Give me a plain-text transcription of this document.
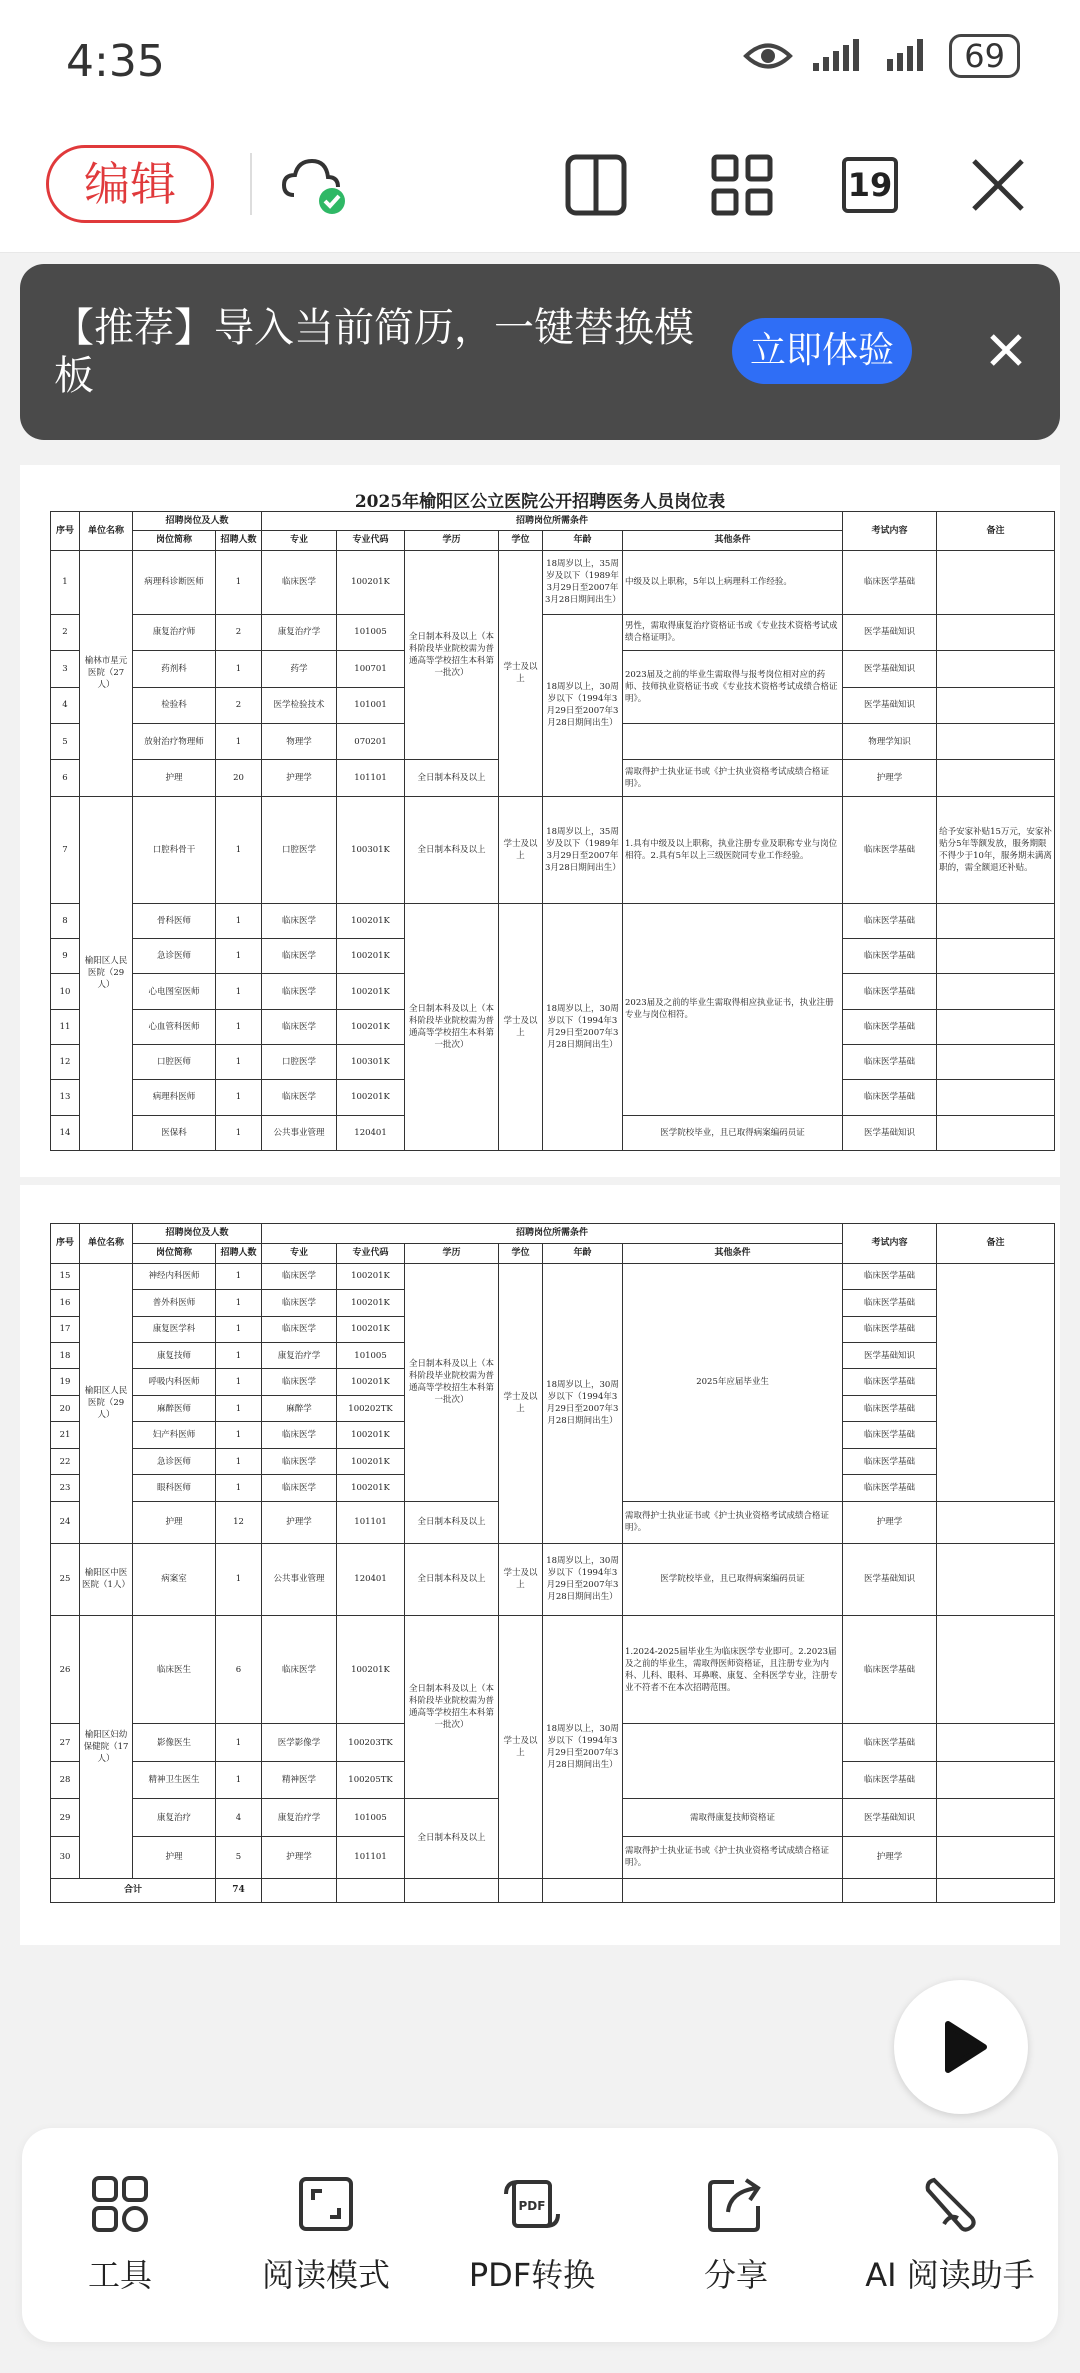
4:35	69
编辑	19
【推荐】导入当前简历，一键替换模板
立即体验
2025年榆阳区公立医院公开招聘医务人员岗位表
序号	单位名称	招聘岗位及人数		招聘岗位所需条件						考试内容	备注
		岗位简称	招聘人数	专业	专业代码	学历	学位	年龄	其他条件		
1	榆林市星元医院（27人）	病理科诊断医师	1	临床医学	100201K	全日制本科及以上（本科阶段毕业院校需为普通高等学校招生本科第一批次）	学士及以上	18周岁以上，35周岁及以下（1989年3月29日至2007年3月28日期间出生）	中级及以上职称，5年以上病理科工作经验。	临床医学基础	
2		康复治疗师	2	康复治疗学	101005			18周岁以上，30周岁以下（1994年3月29日至2007年3月28日期间出生）	男性，需取得康复治疗资格证书或《专业技术资格考试成绩合格证明》。	医学基础知识	
3		药剂科	1	药学	100701				2023届及之前的毕业生需取得与报考岗位相对应的药师、技师执业资格证书或《专业技术资格考试成绩合格证明》。	医学基础知识	
4		检验科	2	医学检验技术	101001					医学基础知识	
5		放射治疗物理师	1	物理学	070201					物理学知识	
6		护理	20	护理学	101101	全日制本科及以上			需取得护士执业证书或《护士执业资格考试成绩合格证明》。	护理学	
7	榆阳区人民医院（29人）	口腔科骨干	1	口腔医学	100301K	全日制本科及以上	学士及以上	18周岁以上，35周岁及以下（1989年3月29日至2007年3月28日期间出生）	1.具有中级及以上职称，执业注册专业及职称专业与岗位相符。2.具有5年以上三级医院同专业工作经验。	临床医学基础	给予安家补贴15万元，安家补贴分5年等额发放，服务期限不得少于10年，服务期未满离职的，需全额退还补贴。
8		骨科医师	1	临床医学	100201K	全日制本科及以上（本科阶段毕业院校需为普通高等学校招生本科第一批次）	学士及以上	18周岁以上，30周岁以下（1994年3月29日至2007年3月28日期间出生）	2023届及之前的毕业生需取得相应执业证书，执业注册专业与岗位相符。	临床医学基础	
9		急诊医师	1	临床医学	100201K					临床医学基础	
10		心电图室医师	1	临床医学	100201K					临床医学基础	
11		心血管科医师	1	临床医学	100201K					临床医学基础	
12		口腔医师	1	口腔医学	100301K					临床医学基础	
13		病理科医师	1	临床医学	100201K					临床医学基础	
14		医保科	1	公共事业管理	120401				医学院校毕业，且已取得病案编码员证	医学基础知识	
序号	单位名称	招聘岗位及人数		招聘岗位所需条件						考试内容	备注
		岗位简称	招聘人数	专业	专业代码	学历	学位	年龄	其他条件		
15	榆阳区人民医院（29人）	神经内科医师	1	临床医学	100201K	全日制本科及以上（本科阶段毕业院校需为普通高等学校招生本科第一批次）	学士及以上	18周岁以上，30周岁以下（1994年3月29日至2007年3月28日期间出生）	2025年应届毕业生	临床医学基础	
16		普外科医师	1	临床医学	100201K					临床医学基础	
17		康复医学科	1	临床医学	100201K					临床医学基础	
18		康复技师	1	康复治疗学	101005					医学基础知识	
19		呼吸内科医师	1	临床医学	100201K					临床医学基础	
20		麻醉医师	1	麻醉学	100202TK					临床医学基础	
21		妇产科医师	1	临床医学	100201K					临床医学基础	
22		急诊医师	1	临床医学	100201K					临床医学基础	
23		眼科医师	1	临床医学	100201K					临床医学基础	
24		护理	12	护理学	101101	全日制本科及以上			需取得护士执业证书或《护士执业资格考试成绩合格证明》。	护理学	
25	榆阳区中医医院（1人）	病案室	1	公共事业管理	120401	全日制本科及以上	学士及以上	18周岁以上，30周岁以下（1994年3月29日至2007年3月28日期间出生）	医学院校毕业，且已取得病案编码员证	医学基础知识	
26	榆阳区妇幼保健院（17人）	临床医生	6	临床医学	100201K	全日制本科及以上（本科阶段毕业院校需为普通高等学校招生本科第一批次）	学士及以上	18周岁以上，30周岁以下（1994年3月29日至2007年3月28日期间出生）	1.2024-2025届毕业生为临床医学专业即可。2.2023届及之前的毕业生，需取得医师资格证，且注册专业为内科、儿科、眼科、耳鼻喉、康复、全科医学专业，注册专业不符者不在本次招聘范围。	临床医学基础	
27		影像医生	1	医学影像学	100203TK					临床医学基础	
28		精神卫生医生	1	精神医学	100205TK					临床医学基础	
29		康复治疗	4	康复治疗学	101005	全日制本科及以上			需取得康复技师资格证	医学基础知识	
30		护理	5	护理学	101101				需取得护士执业证书或《护士执业资格考试成绩合格证明》。	护理学	
合计			74								
工具	阅读模式
PDF
PDF转换	分享	AI 阅读助手
